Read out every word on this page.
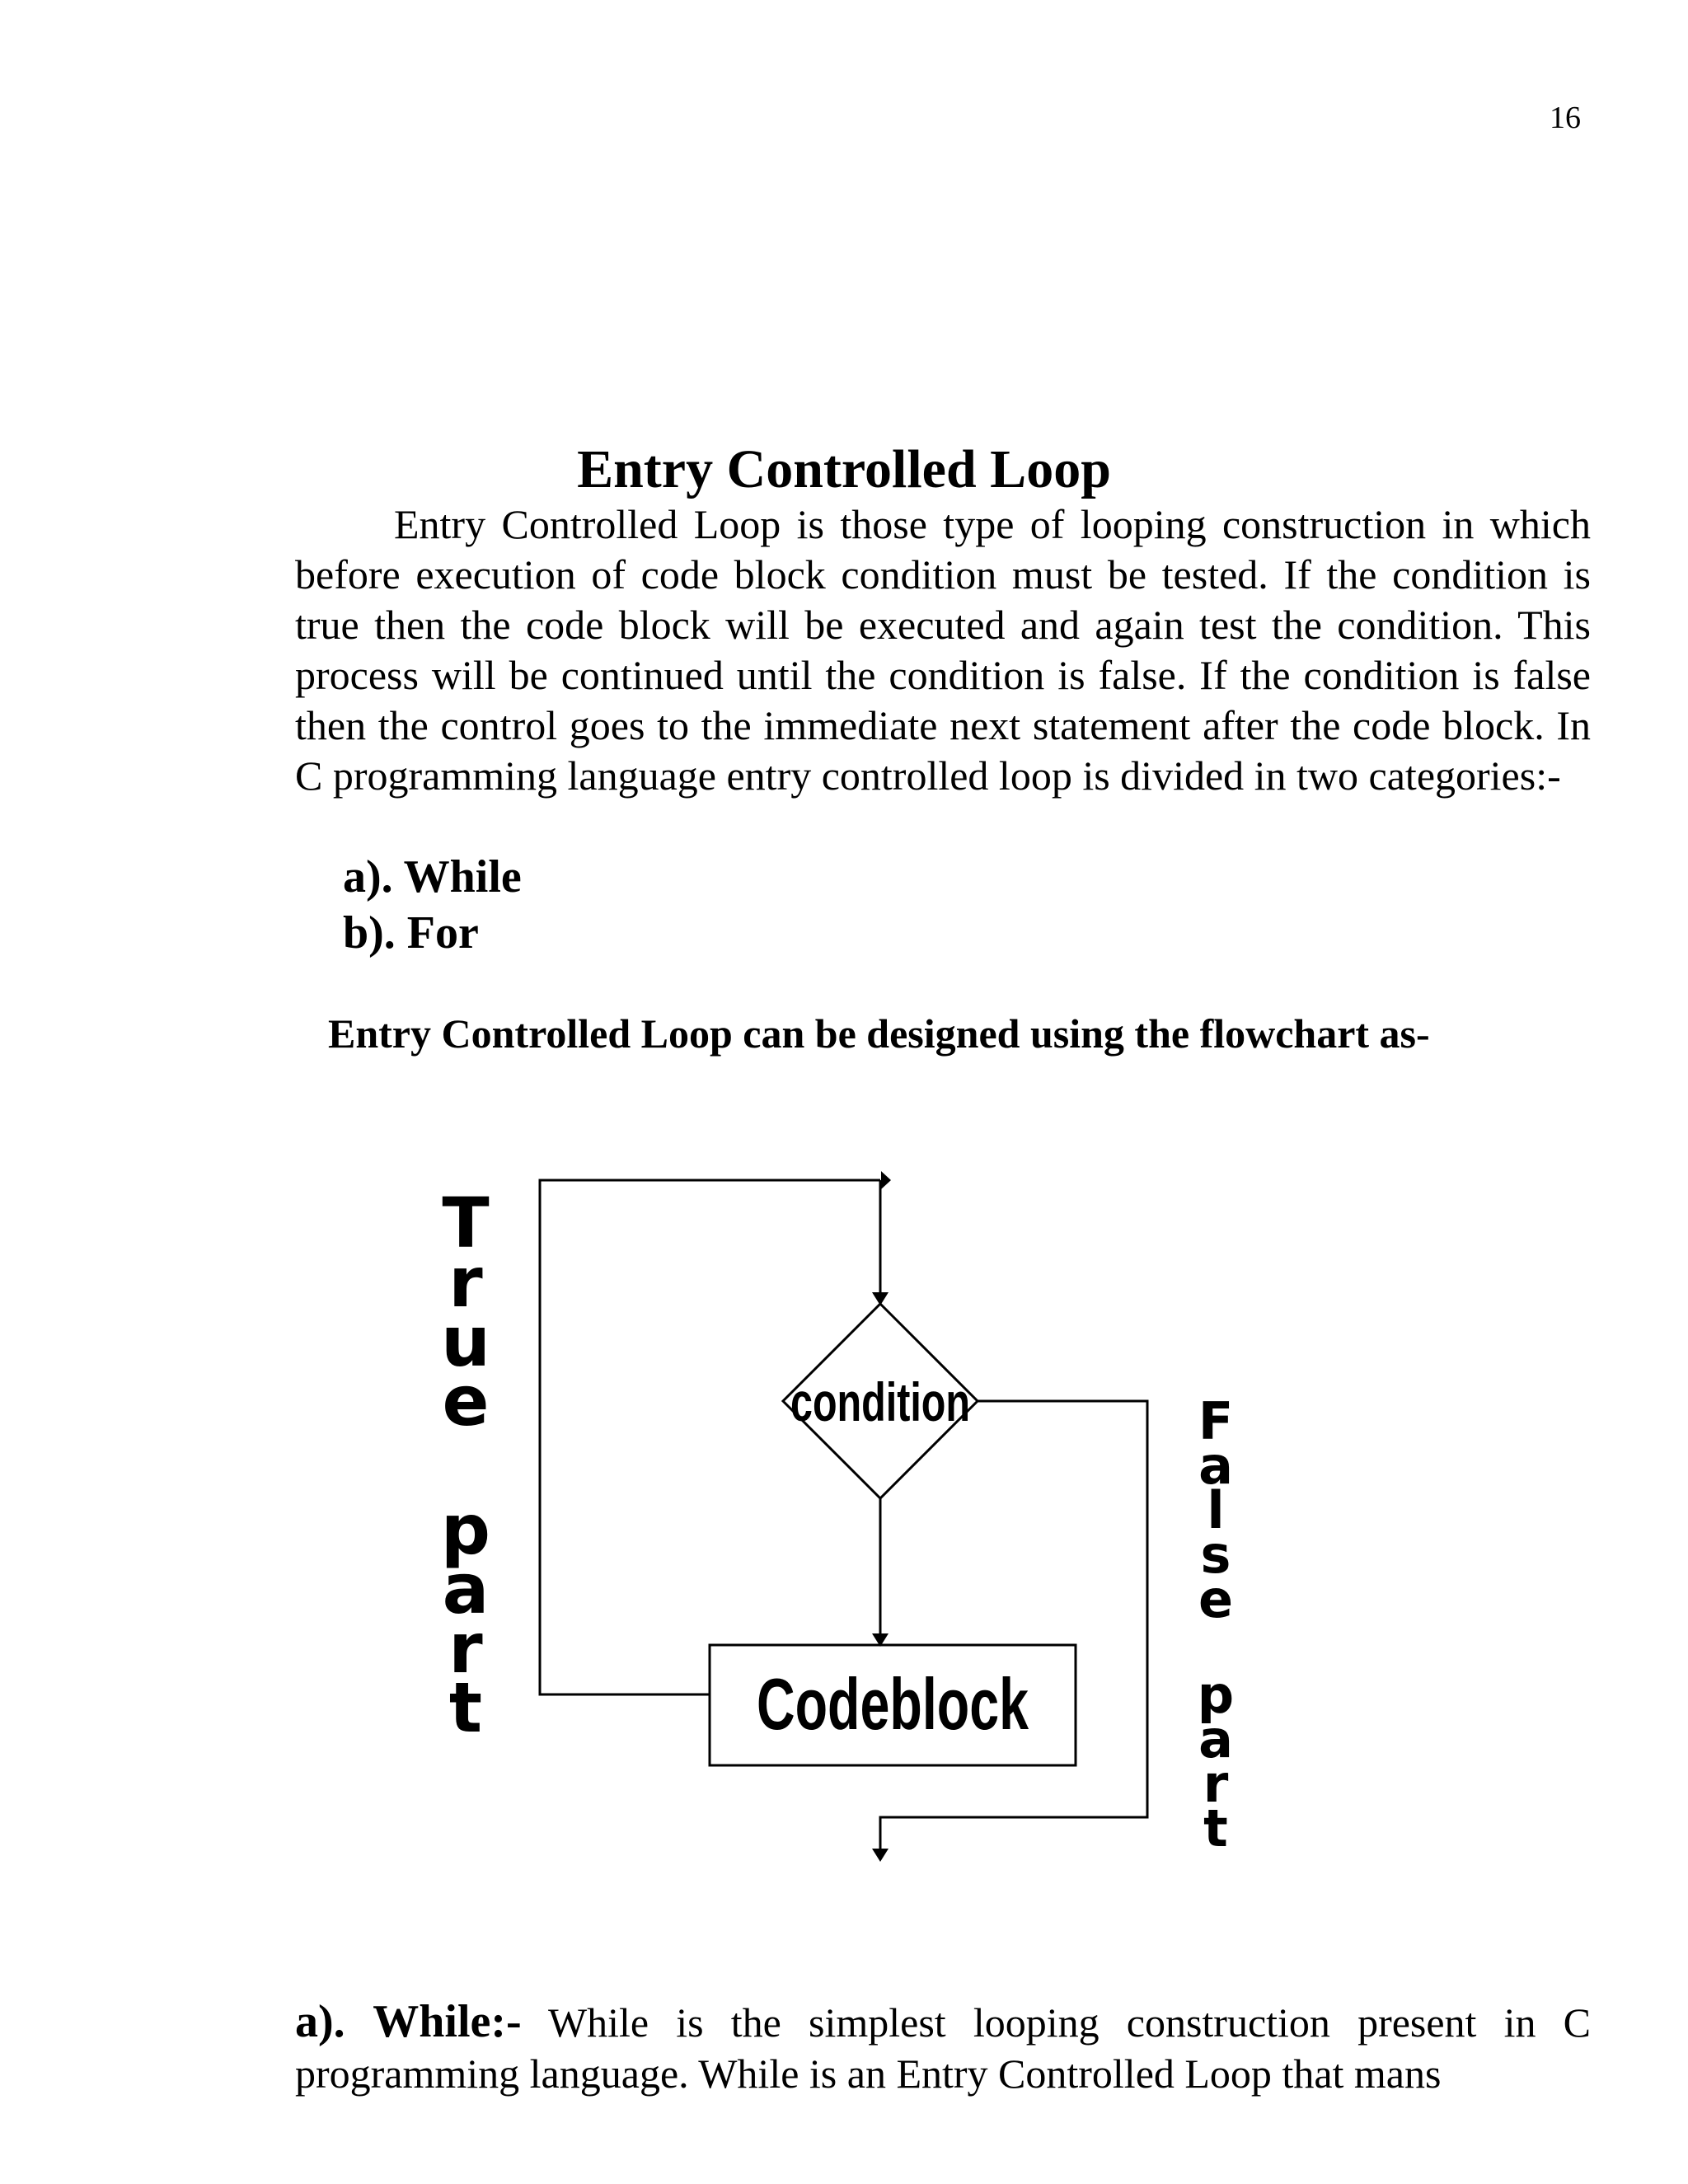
16
Entry Controlled Loop

Entry Controlled Loop is those type of looping construction in which before execution of code block condition must be tested. If the condition is true then the code block will be executed and again test the condition. This process will be continued until the condition is false. If the condition is false then the control goes to the immediate next statement after the code block. In C programming language entry controlled loop is divided in two categories:-

a). While
b). For

Entry Controlled Loop can be designed using the flowchart as-

condition
Codeblock
T
r
u
e
p
a
r
t
F
a
l
s
e
p
a
r
t

a). While:- While is the simplest looping construction present in C programming language. While is an Entry Controlled Loop that mans
